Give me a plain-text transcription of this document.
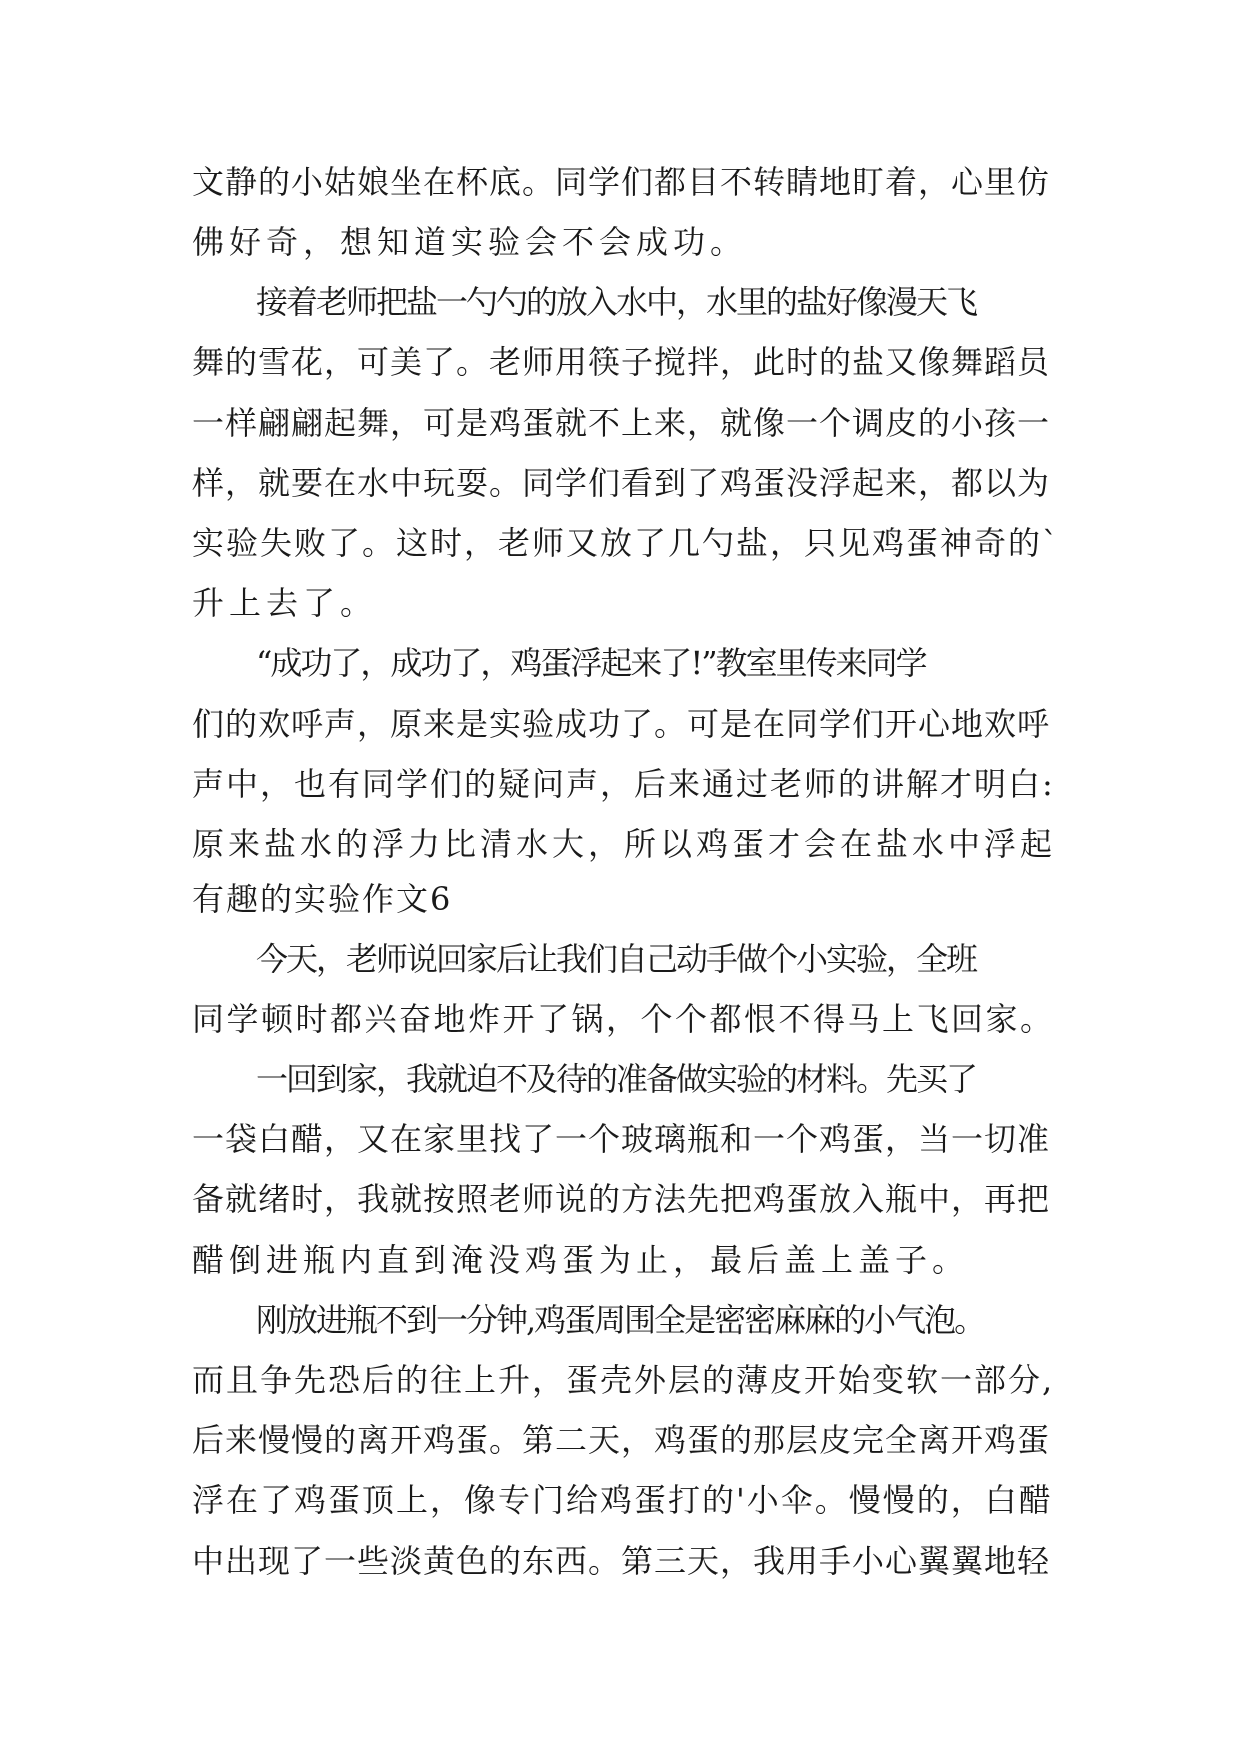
文静的小姑娘坐在杯底。同学们都目不转睛地盯着，心里仿
佛好奇，想知道实验会不会成功。
接着老师把盐一勺勺的放入水中，水里的盐好像漫天飞
舞的雪花，可美了。老师用筷子搅拌，此时的盐又像舞蹈员
一样翩翩起舞，可是鸡蛋就不上来，就像一个调皮的小孩一
样，就要在水中玩耍。同学们看到了鸡蛋没浮起来，都以为
实验失败了。这时，老师又放了几勺盐，只见鸡蛋神奇的`
升上去了。
“成功了，成功了，鸡蛋浮起来了!”教室里传来同学
们的欢呼声，原来是实验成功了。可是在同学们开心地欢呼
声中，也有同学们的疑问声，后来通过老师的讲解才明白:
原来盐水的浮力比清水大，所以鸡蛋才会在盐水中浮起
有趣的实验作文6
今天，老师说回家后让我们自己动手做个小实验，全班
同学顿时都兴奋地炸开了锅，个个都恨不得马上飞回家。
一回到家，我就迫不及待的准备做实验的材料。先买了
一袋白醋，又在家里找了一个玻璃瓶和一个鸡蛋，当一切准
备就绪时，我就按照老师说的方法先把鸡蛋放入瓶中，再把
醋倒进瓶内直到淹没鸡蛋为止，最后盖上盖子。
刚放进瓶不到一分钟,鸡蛋周围全是密密麻麻的小气泡。
而且争先恐后的往上升，蛋壳外层的薄皮开始变软一部分,
后来慢慢的离开鸡蛋。第二天，鸡蛋的那层皮完全离开鸡蛋
浮在了鸡蛋顶上，像专门给鸡蛋打的'小伞。慢慢的，白醋
中出现了一些淡黄色的东西。第三天，我用手小心翼翼地轻
